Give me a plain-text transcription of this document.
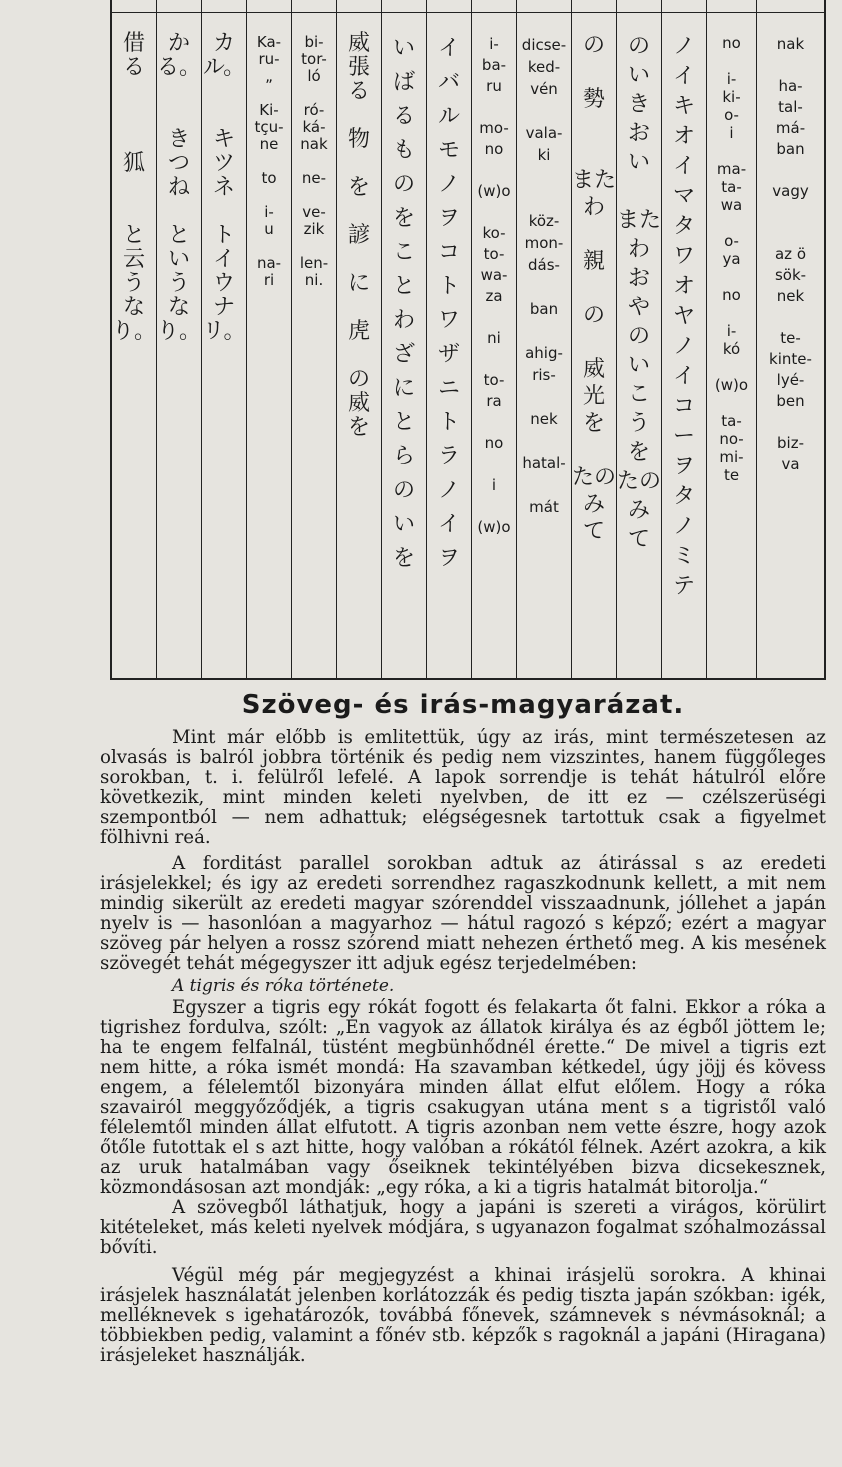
借
る

狐

と
云
う
な
り。
か
る。

き
つ
ね

と
い
う
な
り。
カ
ル。

キ
ツ
ネ

ト
イ
ウ
ナ
リ。
Ka-
ru-
„

Ki-
tçu-
ne

to

i-
u

na-
ri
bi-
tor-
ló

ró-
ká-
nak

ne-

ve-
zik

len-
ni.
威
張
る

物

を

諺

に

虎

の
威
を
い
ば
る
も
の
を
こ
と
わ
ざ
に
と
ら
の
い
を
イ
バ
ル
モ
ノ
ヲ
コ
ト
ワ
ザ
ニ
ト
ラ
ノ
イ
ヲ
i-
ba-
ru

mo-
no

(w)o

ko-
to-
wa-
za

ni

to-
ra

no

i

(w)o
dicse-
ked-
vén

vala-
ki

köz-
mon-
dás-

ban

ahig-
ris-

nek

hatal-

mát
の

勢

また
わ

親

の

威
光
を

たの
み
て
の
い
き
お
い

また
わ
お
や
の
い
こ
う
を
たの
み
て
ノ
イ
キ
オ
イ
マ
タ
ワ
オ
ヤ
ノ
イ
コ
ー
ヲ
タ
ノ
ミ
テ
no

i-
ki-
o-
i

ma-
ta-
wa

o-
ya

no

i-
kó

(w)o

ta-
no-
mi-
te
nak

ha-
tal-
má-
ban

vagy

az ö
sök-
nek

te-
kinte-
lyé-
ben

biz-
va
Szöveg- és irás-magyarázat.

Mint már előbb is emlitettük, úgy az irás, mint természetesen az olvasás is balról jobbra történik és pedig nem vizszintes, hanem függőleges sorokban, t. i. felülről lefelé. A lapok sorrendje is tehát hátulról előre következik, mint minden keleti nyelvben, de itt ez — czélszerüségi szempontból — nem adhattuk; elégségesnek tartottuk csak a figyelmet fölhivni reá.

A forditást parallel sorokban adtuk az átirással s az eredeti irásjelekkel; és igy az eredeti sorrendhez ragaszkodnunk kellett, a mit nem mindig sikerült az eredeti magyar szórenddel visszaadnunk, jóllehet a japán nyelv is — hasonlóan a magyarhoz — hátul ragozó s képző; ezért a magyar szöveg pár helyen a rossz szórend miatt nehezen érthető meg. A kis mesének szövegét tehát mégegyszer itt adjuk egész terjedelmében:

A tigris és róka története.

Egyszer a tigris egy rókát fogott és felakarta őt falni. Ekkor a róka a tigrishez fordulva, szólt: „Én vagyok az állatok királya és az égből jöttem le; ha te engem felfalnál, tüstént megbünhődnél érette.“ De mivel a tigris ezt nem hitte, a róka ismét mondá: Ha szavamban kétkedel, úgy jöjj és kövess engem, a félelemtől bizonyára minden állat elfut előlem. Hogy a róka szavairól meggyőződjék, a tigris csakugyan utána ment s a tigristől való félelemtől minden állat elfutott. A tigris azonban nem vette észre, hogy azok őtőle futottak el s azt hitte, hogy valóban a rókától félnek. Azért azokra, a kik az uruk hatalmában vagy őseiknek tekintélyében bizva dicsekesznek, közmondásosan azt mondják: „egy róka, a ki a tigris hatalmát bitorolja.“

A szövegből láthatjuk, hogy a japáni is szereti a virágos, körülirt kitételeket, más keleti nyelvek módjára, s ugyanazon fogalmat szóhalmozással bővíti.

Végül még pár megjegyzést a khinai irásjelü sorokra. A khinai irásjelek használatát jelenben korlátozzák és pedig tiszta japán szókban: igék, melléknevek s igehatározók, továbbá főnevek, számnevek s névmásoknál; a többiekben pedig, valamint a főnév stb. képzők s ragoknál a japáni (Hiragana) irásjeleket használják.
